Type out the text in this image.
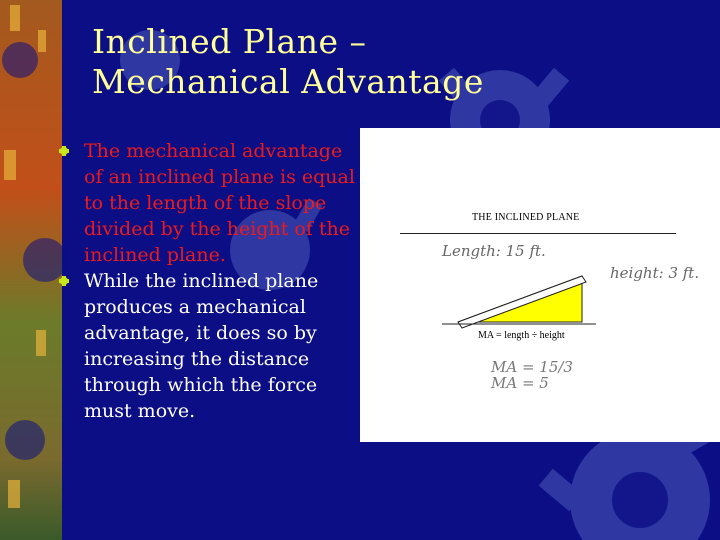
Inclined Plane –
Mechanical Advantage
The mechanical advantage of an inclined plane is equal to the length of the slope divided by the height of the inclined plane.
While the inclined plane produces a mechanical advantage, it does so by increasing the distance through which the force must move.
THE INCLINED PLANE
Length: 15 ft.
height: 3 ft.
MA = length ÷ height
MA = 15/3
MA = 5
